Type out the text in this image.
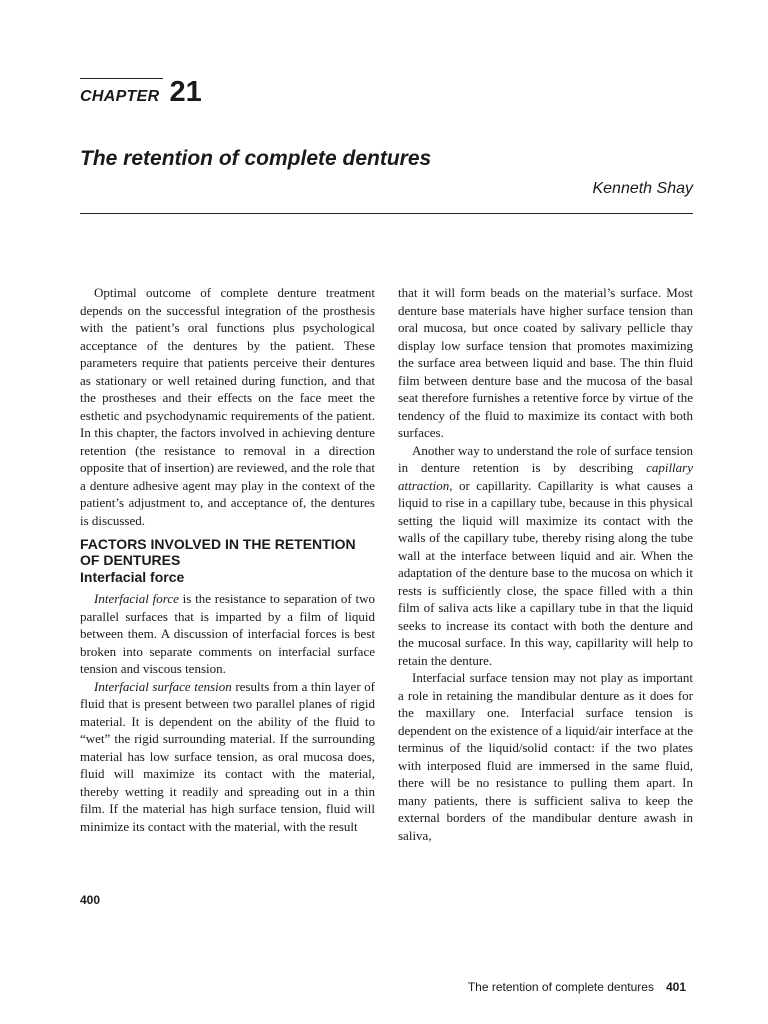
CHAPTER 21
The retention of complete dentures
Kenneth Shay

Optimal outcome of complete denture treatment depends on the successful integration of the prosthesis with the patient’s oral functions plus psychological acceptance of the dentures by the patient. These parameters require that patients perceive their dentures as stationary or well retained during function, and that the prostheses and their effects on the face meet the esthetic and psychodynamic requirements of the patient. In this chapter, the factors involved in achieving denture retention (the resistance to removal in a direction opposite that of insertion) are reviewed, and the role that a denture adhesive agent may play in the context of the patient’s adjustment to, and acceptance of, the dentures is discussed.

FACTORS INVOLVED IN THE RETENTION OF DENTURES
Interfacial force

Interfacial force is the resistance to separation of two parallel surfaces that is imparted by a film of liquid between them. A discussion of interfacial forces is best broken into separate comments on interfacial surface tension and viscous tension.

Interfacial surface tension results from a thin layer of fluid that is present between two parallel planes of rigid material. It is dependent on the ability of the fluid to “wet” the rigid surrounding material. If the surrounding material has low surface tension, as oral mucosa does, fluid will maximize its contact with the material, thereby wetting it readily and spreading out in a thin film. If the material has high surface tension, fluid will minimize its contact with the material, with the result

that it will form beads on the material’s surface. Most denture base materials have higher surface tension than oral mucosa, but once coated by salivary pellicle thay display low surface tension that promotes maximizing the surface area between liquid and base. The thin fluid film between denture base and the mucosa of the basal seat therefore furnishes a retentive force by virtue of the tendency of the fluid to maximize its contact with both surfaces.

Another way to understand the role of surface tension in denture retention is by describing capillary attraction, or capillarity. Capillarity is what causes a liquid to rise in a capillary tube, because in this physical setting the liquid will maximize its contact with the walls of the capillary tube, thereby rising along the tube wall at the interface between liquid and air. When the adaptation of the denture base to the mucosa on which it rests is sufficiently close, the space filled with a thin film of saliva acts like a capillary tube in that the liquid seeks to increase its contact with both the denture and the mucosal surface. In this way, capillarity will help to retain the denture.

Interfacial surface tension may not play as important a role in retaining the mandibular denture as it does for the maxillary one. Interfacial surface tension is dependent on the existence of a liquid/air interface at the terminus of the liquid/solid contact: if the two plates with interposed fluid are immersed in the same fluid, there will be no resistance to pulling them apart. In many patients, there is sufficient saliva to keep the external borders of the mandibular denture awash in saliva,

400
The retention of complete dentures 401
